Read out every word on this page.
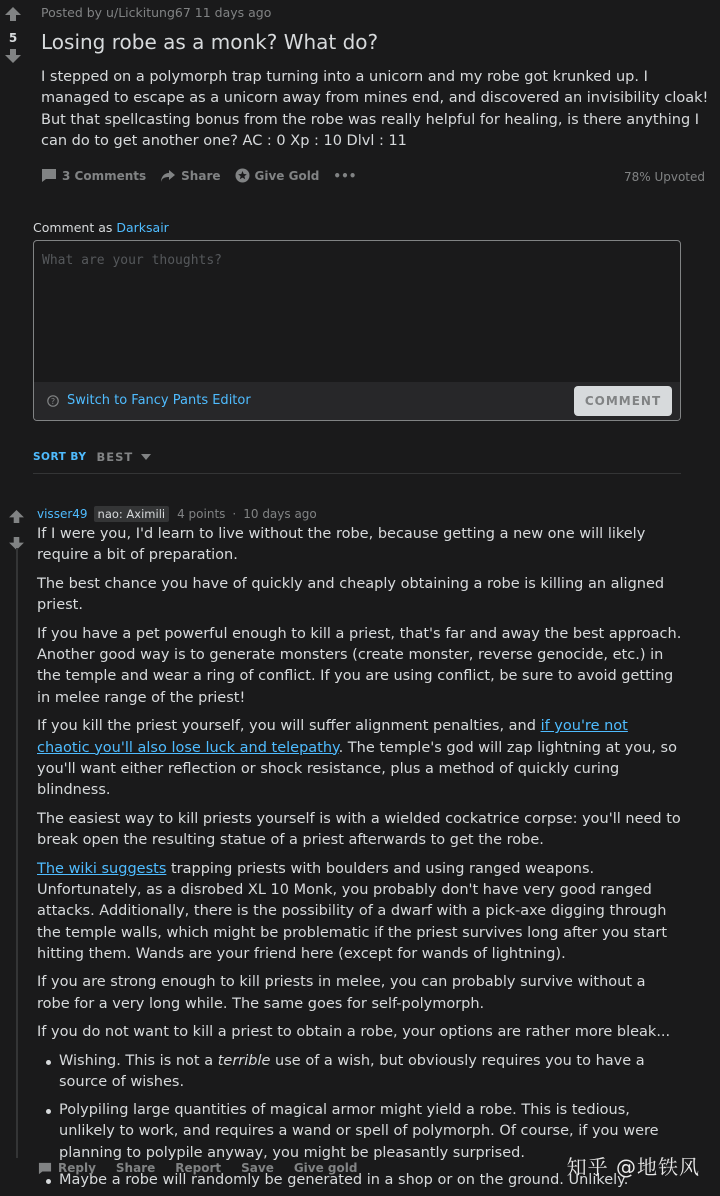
5
Posted by u/Lickitung67 11 days ago
Losing robe as a monk? What do?
I stepped on a polymorph trap turning into a unicorn and my robe got krunked up. I managed to escape as a unicorn away from mines end, and discovered an invisibility cloak! But that spellcasting bonus from the robe was really helpful for healing, is there anything I can do to get another one? AC : 0 Xp : 10 Dlvl : 11
3 Comments	Share	Give Gold •••	78% Upvoted
Comment as Darksair
What are your thoughts?
? Switch to Fancy Pants Editor	COMMENT
SORT BY BEST
visser49 nao: Aximili	4 points · 10 days ago

If I were you, I'd learn to live without the robe, because getting a new one will likely require a bit of preparation.

The best chance you have of quickly and cheaply obtaining a robe is killing an aligned priest.

If you have a pet powerful enough to kill a priest, that's far and away the best approach. Another good way is to generate monsters (create monster, reverse genocide, etc.) in the temple and wear a ring of conflict. If you are using conflict, be sure to avoid getting in melee range of the priest!

If you kill the priest yourself, you will suffer alignment penalties, and if you're not chaotic you'll also lose luck and telepathy. The temple's god will zap lightning at you, so you'll want either reflection or shock resistance, plus a method of quickly curing blindness.

The easiest way to kill priests yourself is with a wielded cockatrice corpse: you'll need to break open the resulting statue of a priest afterwards to get the robe.

The wiki suggests trapping priests with boulders and using ranged weapons. Unfortunately, as a disrobed XL 10 Monk, you probably don't have very good ranged attacks. Additionally, there is the possibility of a dwarf with a pick-axe digging through the temple walls, which might be problematic if the priest survives long after you start hitting them. Wands are your friend here (except for wands of lightning).

If you are strong enough to kill priests in melee, you can probably survive without a robe for a very long while. The same goes for self-polymorph.

If you do not want to kill a priest to obtain a robe, your options are rather more bleak...

Wishing. This is not a terrible use of a wish, but obviously requires you to have a source of wishes.
Polypiling large quantities of magical armor might yield a robe. This is tedious, unlikely to work, and requires a wand or spell of polymorph. Of course, if you were planning to polypile anyway, you might be pleasantly surprised.
Maybe a robe will randomly be generated in a shop or on the ground. Unlikely.
Reply Share Report Save Give gold	知乎 @地铁风
